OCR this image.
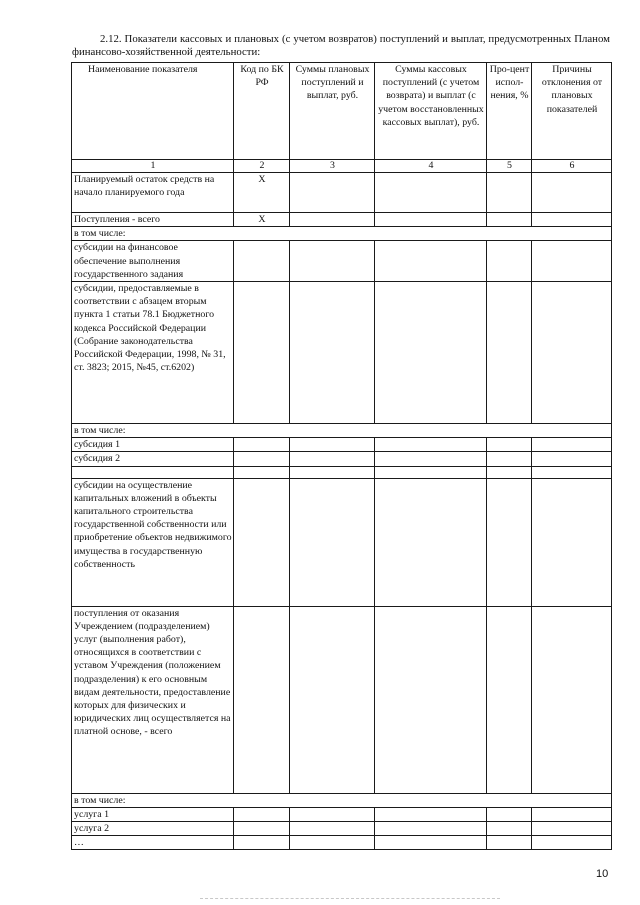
2.12. Показатели кассовых и плановых (с учетом возвратов) поступлений и выплат, предусмотренных Планом финансово-хозяйственной деятельности:
Наименование показателя	Код по БК РФ	Суммы плановых поступлений и выплат, руб.	Суммы кассовых поступлений (с учетом возврата) и выплат (с учетом восстановленных кассовых выплат), руб.	Про-цент испол-нения, %	Причины отклонения от плановых показателей
1	2	3	4	5	6
Планируемый остаток средств на начало планируемого года	X				
Поступления - всего	X				
в том числе:					
субсидии на финансовое обеспечение выполнения государственного задания					
субсидии, предоставляемые в соответствии с абзацем вторым пункта 1 статьи 78.1 Бюджетного кодекса Российской Федерации (Собрание законодательства Российской Федерации, 1998, № 31, ст. 3823; 2015, №45, ст.6202)					
в том числе:					
субсидия 1					
субсидия 2					

субсидии на осуществление капитальных вложений в объекты капитального строительства государственной собственности или приобретение объектов недвижимого имущества в государственную собственность					
поступления от оказания Учреждением (подразделением) услуг (выполнения работ), относящихся в соответствии с уставом Учреждения (положением подразделения) к его основным видам деятельности, предоставление которых для физических и юридических лиц осуществляется на платной основе, - всего					
в том числе:					
услуга 1					
услуга 2					
…					
10
